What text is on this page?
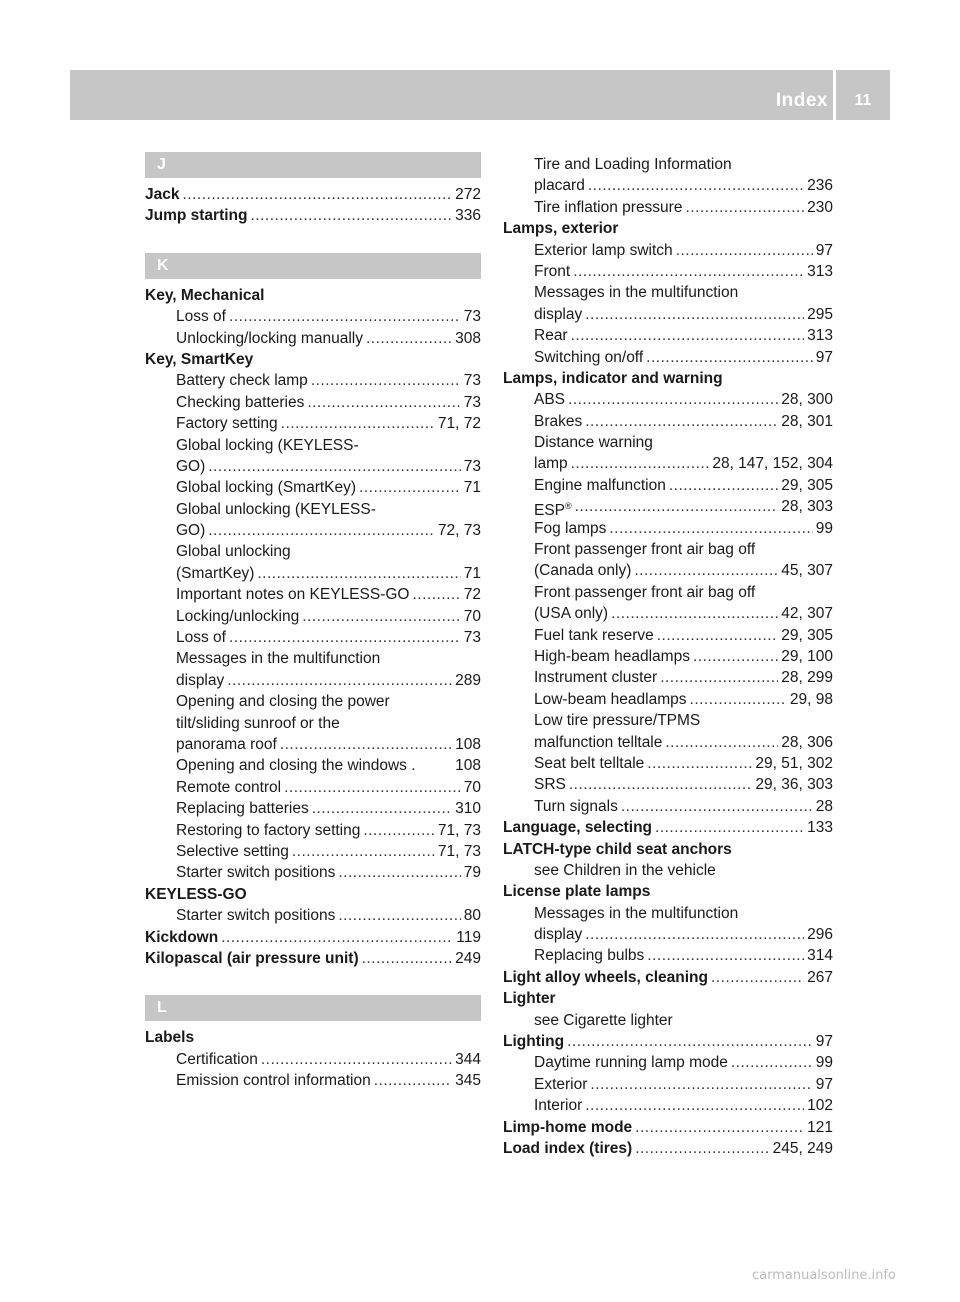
Index	11
J
Jack .....	272
Jump starting .....	336
K
Key, Mechanical
Loss of .....	73
Unlocking/locking manually .....	308
Key, SmartKey
Battery check lamp .....	73
Checking batteries .....	73
Factory setting .....	71, 72
Global locking (KEYLESS-
GO) .....	73
Global locking (SmartKey) .....	71
Global unlocking (KEYLESS-
GO) .....	72, 73
Global unlocking
(SmartKey) .....	71
Important notes on KEYLESS-GO .....	72
Locking/unlocking .....	70
Loss of .....	73
Messages in the multifunction
display .....	289
Opening and closing the power
tilt/sliding sunroof or the
panorama roof .....	108
Opening and closing the windows .	108
Remote control .....	70
Replacing batteries .....	310
Restoring to factory setting .....	71, 73
Selective setting .....	71, 73
Starter switch positions .....	79
KEYLESS-GO
Starter switch positions .....	80
Kickdown .....	119
Kilopascal (air pressure unit) .....	249
L
Labels
Certification .....	344
Emission control information .....	345
Tire and Loading Information
placard .....	236
Tire inflation pressure .....	230
Lamps, exterior
Exterior lamp switch .....	97
Front .....	313
Messages in the multifunction
display .....	295
Rear .....	313
Switching on/off .....	97
Lamps, indicator and warning
ABS .....	28, 300
Brakes .....	28, 301
Distance warning
lamp .....	28, 147, 152, 304
Engine malfunction .....	29, 305
ESP® .....	28, 303
Fog lamps .....	99
Front passenger front air bag off
(Canada only) .....	45, 307
Front passenger front air bag off
(USA only) .....	42, 307
Fuel tank reserve .....	29, 305
High-beam headlamps .....	29, 100
Instrument cluster .....	28, 299
Low-beam headlamps .....	29, 98
Low tire pressure/TPMS
malfunction telltale .....	28, 306
Seat belt telltale .....	29, 51, 302
SRS .....	29, 36, 303
Turn signals .....	28
Language, selecting .....	133
LATCH-type child seat anchors
see Children in the vehicle
License plate lamps
Messages in the multifunction
display .....	296
Replacing bulbs .....	314
Light alloy wheels, cleaning .....	267
Lighter
see Cigarette lighter
Lighting .....	97
Daytime running lamp mode .....	99
Exterior .....	97
Interior .....	102
Limp-home mode .....	121
Load index (tires) .....	245, 249
carmanualsonline.info
